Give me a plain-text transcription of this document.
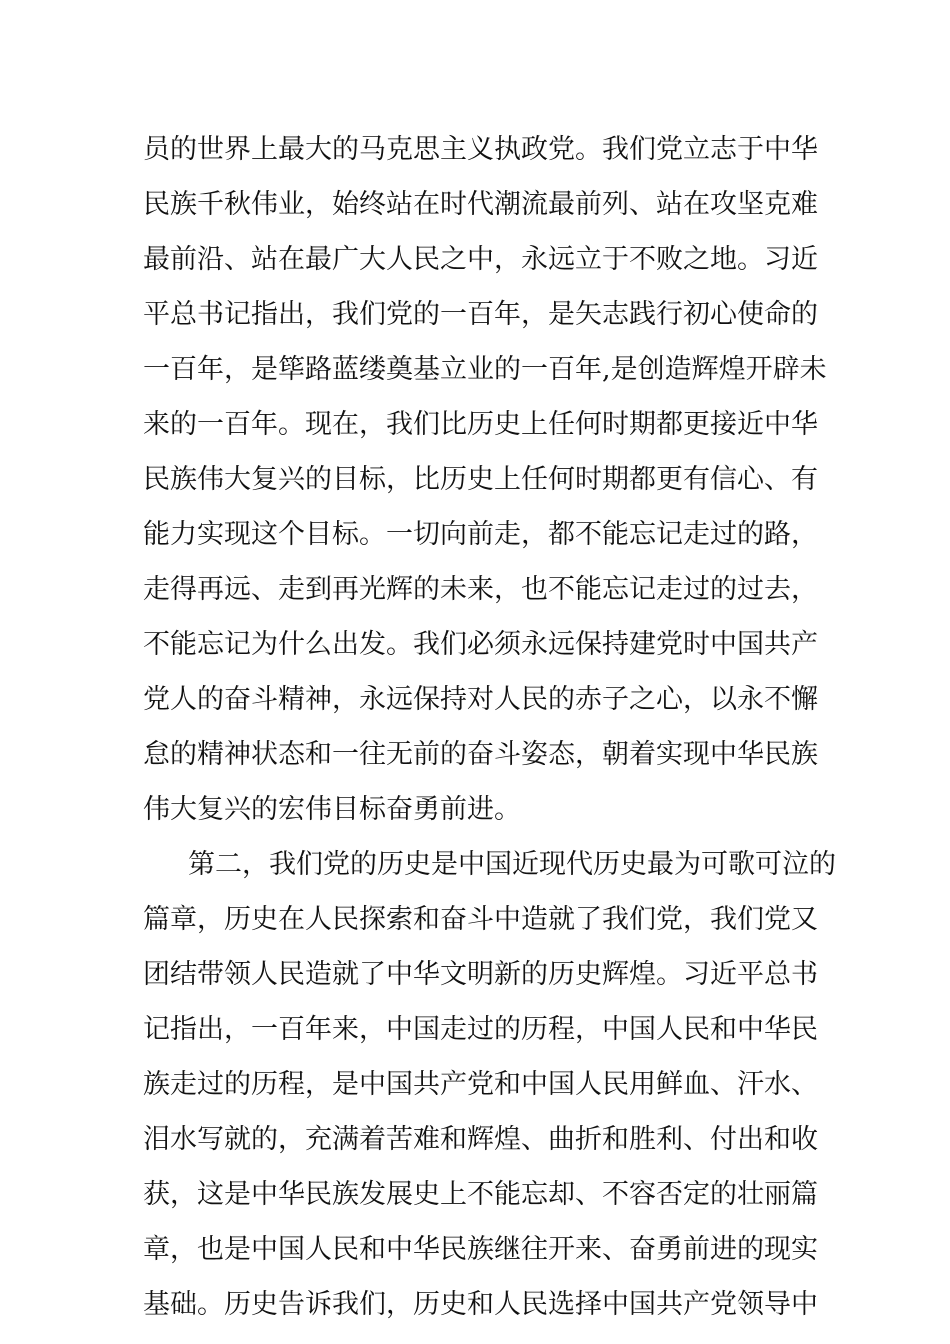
员的世界上最大的马克思主义执政党。我们党立志于中华
民族千秋伟业，始终站在时代潮流最前列、站在攻坚克难
最前沿、站在最广大人民之中，永远立于不败之地。习近
平总书记指出，我们党的一百年，是矢志践行初心使命的
一百年，是筚路蓝缕奠基立业的一百年,是创造辉煌开辟未
来的一百年。现在，我们比历史上任何时期都更接近中华
民族伟大复兴的目标，比历史上任何时期都更有信心、有
能力实现这个目标。一切向前走，都不能忘记走过的路，
走得再远、走到再光辉的未来，也不能忘记走过的过去，
不能忘记为什么出发。我们必须永远保持建党时中国共产
党人的奋斗精神，永远保持对人民的赤子之心，以永不懈
怠的精神状态和一往无前的奋斗姿态，朝着实现中华民族
伟大复兴的宏伟目标奋勇前进。
第二，我们党的历史是中国近现代历史最为可歌可泣的
篇章，历史在人民探索和奋斗中造就了我们党，我们党又
团结带领人民造就了中华文明新的历史辉煌。习近平总书
记指出，一百年来，中国走过的历程，中国人民和中华民
族走过的历程，是中国共产党和中国人民用鲜血、汗水、
泪水写就的，充满着苦难和辉煌、曲折和胜利、付出和收
获，这是中华民族发展史上不能忘却、不容否定的壮丽篇
章，也是中国人民和中华民族继往开来、奋勇前进的现实
基础。历史告诉我们，历史和人民选择中国共产党领导中
